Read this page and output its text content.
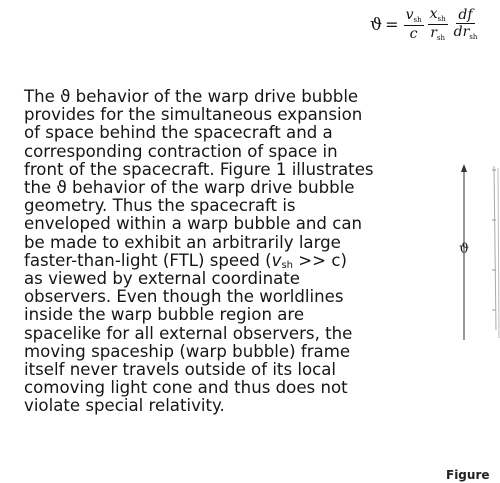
$ϑ = \frac{v_{sh}}{c} \frac{x_{sh}}{r_{sh}} \frac{df}{dr_{sh}}$
The ϑ behavior of the warp drive bubble
provides for the simultaneous expansion
of space behind the spacecraft and a
corresponding contraction of space in
front of the spacecraft. Figure 1 illustrates
the ϑ behavior of the warp drive bubble
geometry. Thus the spacecraft is
enveloped within a warp bubble and can
be made to exhibit an arbitrarily large
faster-than-light (FTL) speed $(v_{sh} >> c)$
as viewed by external coordinate
observers. Even though the worldlines
inside the warp bubble region are
spacelike for all external observers, the
moving spaceship (warp bubble) frame
itself never travels outside of its local
comoving light cone and thus does not
violate special relativity.
ϑ
Figure
